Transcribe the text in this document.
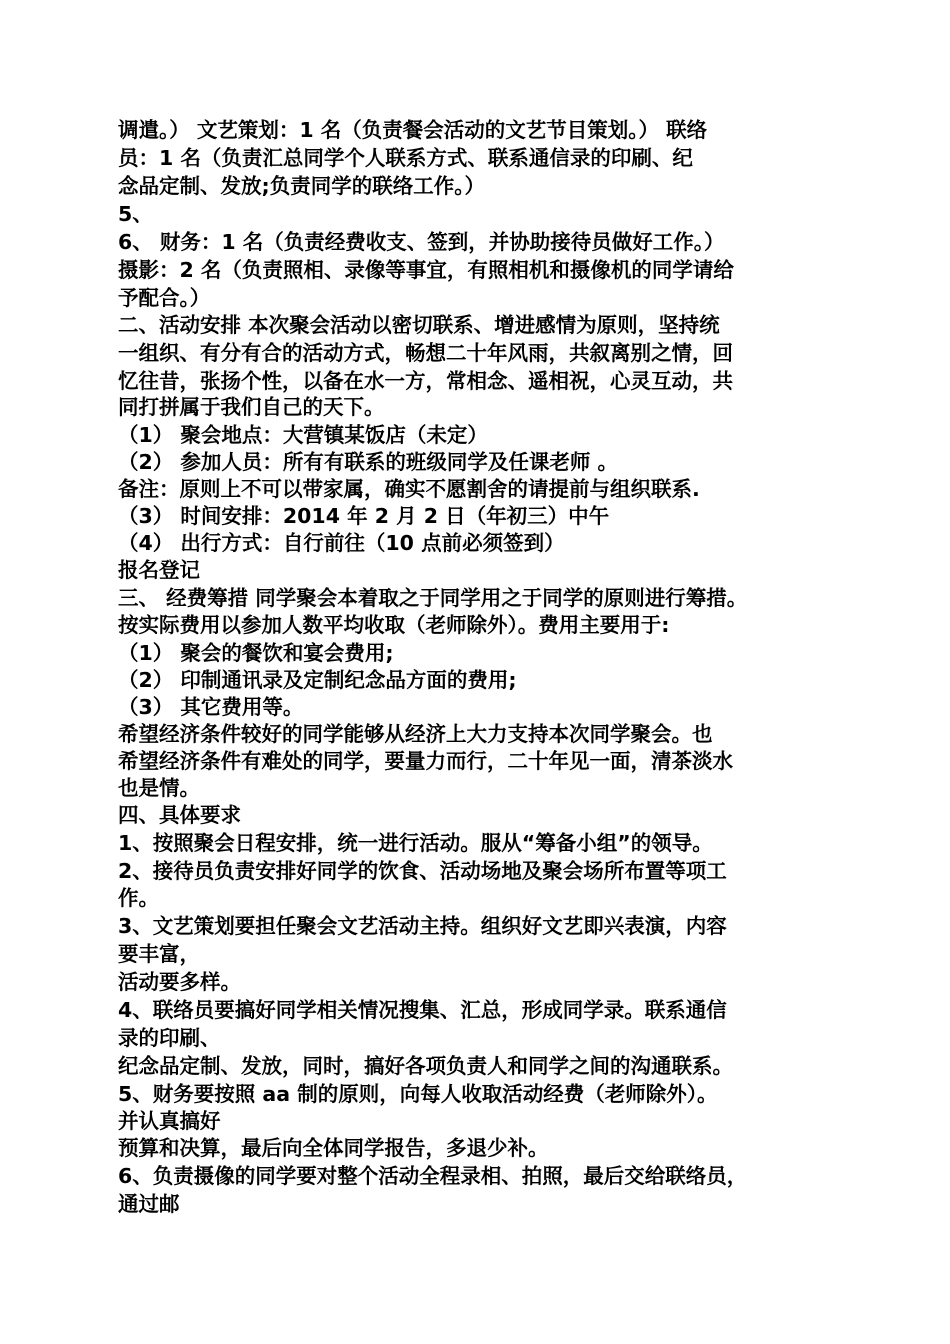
调遣。） 文艺策划：1 名（负责餐会活动的文艺节目策划。） 联络
员：1 名（负责汇总同学个人联系方式、联系通信录的印刷、纪
念品定制、发放;负责同学的联络工作。）
5、
6、 财务：1 名（负责经费收支、签到，并协助接待员做好工作。）
摄影：2 名（负责照相、录像等事宜，有照相机和摄像机的同学请给
予配合。）
二、活动安排 本次聚会活动以密切联系、增进感情为原则，坚持统
一组织、有分有合的活动方式，畅想二十年风雨，共叙离别之情，回
忆往昔，张扬个性，以备在水一方，常相念、遥相祝，心灵互动，共
同打拼属于我们自己的天下。
（1） 聚会地点：大营镇某饭店（未定）
（2） 参加人员：所有有联系的班级同学及任课老师 。
备注：原则上不可以带家属，确实不愿割舍的请提前与组织联系.
（3） 时间安排：2014 年 2 月 2 日（年初三）中午
（4） 出行方式：自行前往（10 点前必须签到）
报名登记
三、 经费筹措 同学聚会本着取之于同学用之于同学的原则进行筹措。
按实际费用以参加人数平均收取（老师除外）。费用主要用于:
（1） 聚会的餐饮和宴会费用;
（2） 印制通讯录及定制纪念品方面的费用;
（3） 其它费用等。
希望经济条件较好的同学能够从经济上大力支持本次同学聚会。也
希望经济条件有难处的同学，要量力而行，二十年见一面，清茶淡水
也是情。
四、具体要求
1、按照聚会日程安排，统一进行活动。服从“筹备小组”的领导。
2、接待员负责安排好同学的饮食、活动场地及聚会场所布置等项工
作。
3、文艺策划要担任聚会文艺活动主持。组织好文艺即兴表演，内容
要丰富，
活动要多样。
4、联络员要搞好同学相关情况搜集、汇总，形成同学录。联系通信
录的印刷、
纪念品定制、发放，同时，搞好各项负责人和同学之间的沟通联系。
5、财务要按照 aa 制的原则，向每人收取活动经费（老师除外）。
并认真搞好
预算和决算，最后向全体同学报告，多退少补。
6、负责摄像的同学要对整个活动全程录相、拍照，最后交给联络员，
通过邮
